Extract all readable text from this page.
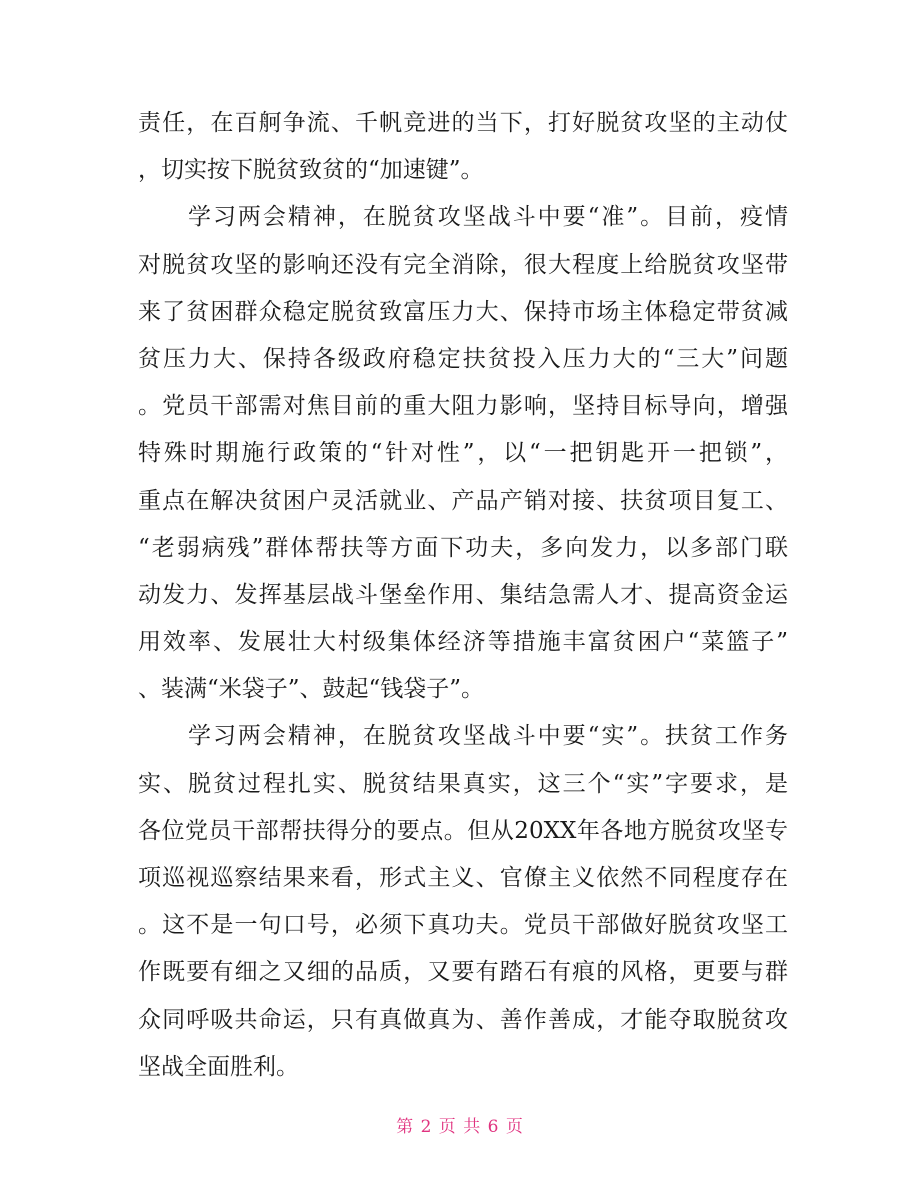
责任，在百舸争流、千帆竞进的当下，打好脱贫攻坚的主动仗
，切实按下脱贫致贫的“加速键”。
　　学习两会精神，在脱贫攻坚战斗中要“准”。目前，疫情
对脱贫攻坚的影响还没有完全消除，很大程度上给脱贫攻坚带
来了贫困群众稳定脱贫致富压力大、保持市场主体稳定带贫减
贫压力大、保持各级政府稳定扶贫投入压力大的“三大”问题
。党员干部需对焦目前的重大阻力影响，坚持目标导向，增强
特殊时期施行政策的“针对性”，以“一把钥匙开一把锁”，
重点在解决贫困户灵活就业、产品产销对接、扶贫项目复工、
“老弱病残”群体帮扶等方面下功夫，多向发力，以多部门联
动发力、发挥基层战斗堡垒作用、集结急需人才、提高资金运
用效率、发展壮大村级集体经济等措施丰富贫困户“菜篮子”
、装满“米袋子”、鼓起“钱袋子”。
　　学习两会精神，在脱贫攻坚战斗中要“实”。扶贫工作务
实、脱贫过程扎实、脱贫结果真实，这三个“实”字要求，是
各位党员干部帮扶得分的要点。但从20XX年各地方脱贫攻坚专
项巡视巡察结果来看，形式主义、官僚主义依然不同程度存在
。这不是一句口号，必须下真功夫。党员干部做好脱贫攻坚工
作既要有细之又细的品质，又要有踏石有痕的风格，更要与群
众同呼吸共命运，只有真做真为、善作善成，才能夺取脱贫攻
坚战全面胜利。
第 2 页 共 6 页
